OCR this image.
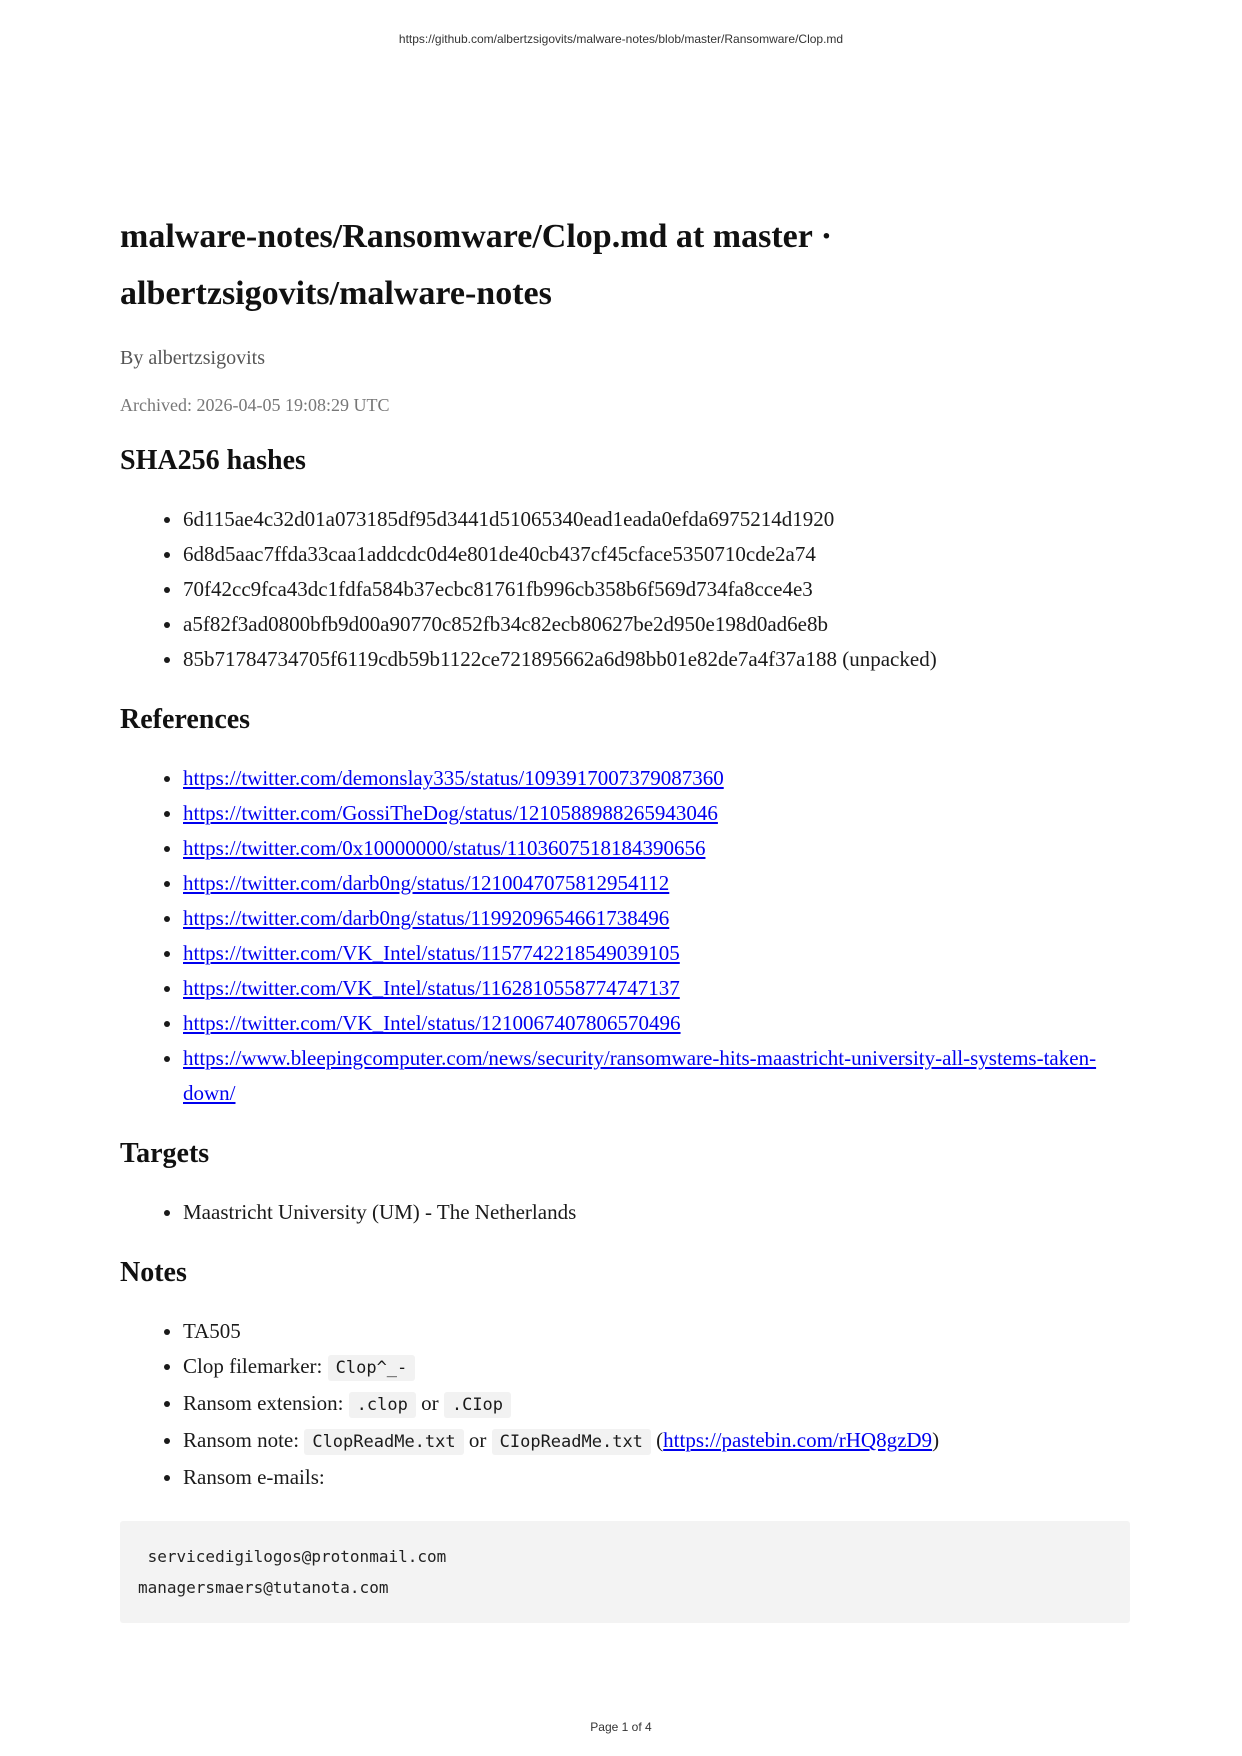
https://github.com/albertzsigovits/malware-notes/blob/master/Ransomware/Clop.md
malware-notes/Ransomware/Clop.md at master ·
albertzsigovits/malware-notes
By albertzsigovits
Archived: 2026-04-05 19:08:29 UTC
SHA256 hashes
• 6d115ae4c32d01a073185df95d3441d51065340ead1eada0efda6975214d1920
• 6d8d5aac7ffda33caa1addcdc0d4e801de40cb437cf45cface5350710cde2a74
• 70f42cc9fca43dc1fdfa584b37ecbc81761fb996cb358b6f569d734fa8cce4e3
• a5f82f3ad0800bfb9d00a90770c852fb34c82ecb80627be2d950e198d0ad6e8b
• 85b71784734705f6119cdb59b1122ce721895662a6d98bb01e82de7a4f37a188 (unpacked)
References
• https://twitter.com/demonslay335/status/1093917007379087360
• https://twitter.com/GossiTheDog/status/1210588988265943046
• https://twitter.com/0x10000000/status/1103607518184390656
• https://twitter.com/darb0ng/status/1210047075812954112
• https://twitter.com/darb0ng/status/1199209654661738496
• https://twitter.com/VK_Intel/status/1157742218549039105
• https://twitter.com/VK_Intel/status/1162810558774747137
• https://twitter.com/VK_Intel/status/1210067407806570496
• https://www.bleepingcomputer.com/news/security/ransomware-hits-maastricht-university-all-systems-taken-down/
Targets
• Maastricht University (UM) - The Netherlands
Notes
• TA505
• Clop filemarker: Clop^_-
• Ransom extension: .clop or .CIop
• Ransom note: ClopReadMe.txt or CIopReadMe.txt (https://pastebin.com/rHQ8gzD9)
• Ransom e-mails:
servicedigilogos@protonmail.com
managersmaers@tutanota.com
Page 1 of 4
